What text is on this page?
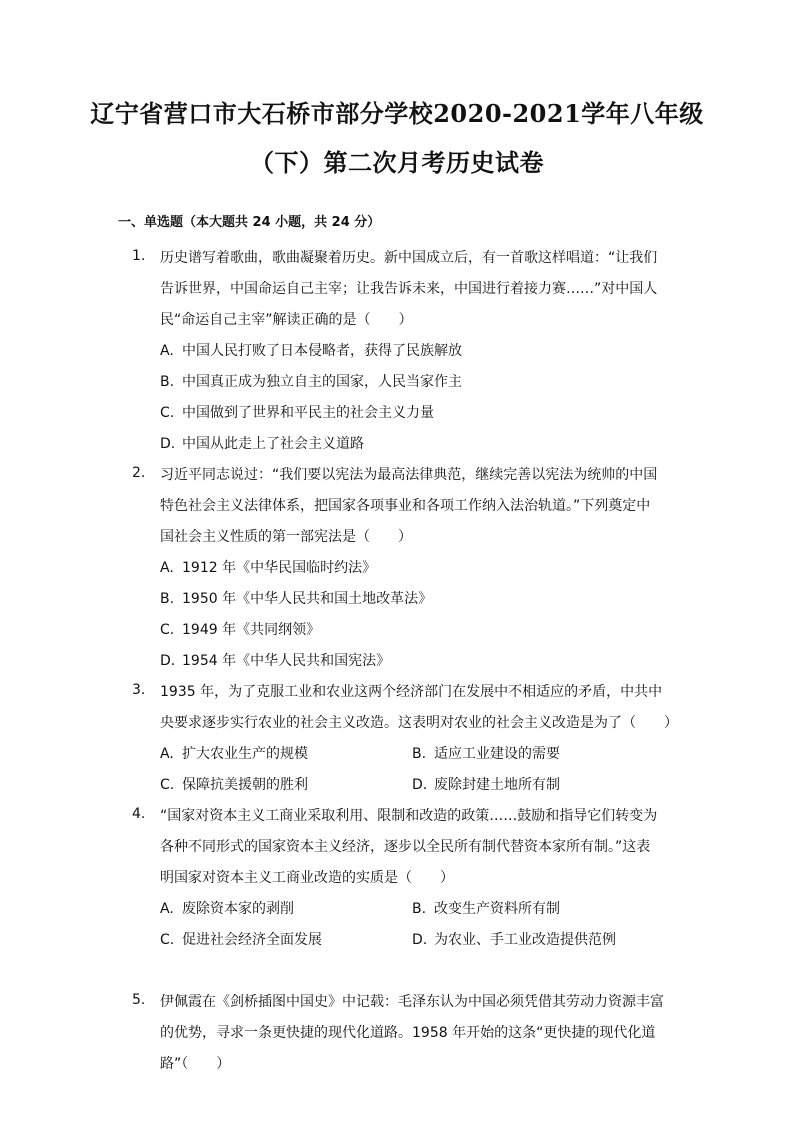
辽宁省营口市大石桥市部分学校2020-2021学年八年级
（下）第二次月考历史试卷
一、单选题（本大题共 24 小题，共 24 分）
1. 历史谱写着歌曲，歌曲凝聚着历史。新中国成立后，有一首歌这样唱道：“让我们
告诉世界，中国命运自己主宰；让我告诉未来，中国进行着接力赛……”对中国人
民“命运自己主宰”解读正确的是（　　）
A. 中国人民打败了日本侵略者，获得了民族解放
B. 中国真正成为独立自主的国家，人民当家作主
C. 中国做到了世界和平民主的社会主义力量
D. 中国从此走上了社会主义道路
2. 习近平同志说过：“我们要以宪法为最高法律典范，继续完善以宪法为统帅的中国
特色社会主义法律体系，把国家各项事业和各项工作纳入法治轨道。”下列奠定中
国社会主义性质的第一部宪法是（　　）
A. 1912 年《中华民国临时约法》
B. 1950 年《中华人民共和国土地改革法》
C. 1949 年《共同纲领》
D. 1954 年《中华人民共和国宪法》
3. 1935 年，为了克服工业和农业这两个经济部门在发展中不相适应的矛盾，中共中
央要求逐步实行农业的社会主义改造。这表明对农业的社会主义改造是为了（　　）
A. 扩大农业生产的规模	B. 适应工业建设的需要
C. 保障抗美援朝的胜利	D. 废除封建土地所有制
4. “国家对资本主义工商业采取利用、限制和改造的政策……鼓励和指导它们转变为
各种不同形式的国家资本主义经济，逐步以全民所有制代替资本家所有制。”这表
明国家对资本主义工商业改造的实质是（　　）
A. 废除资本家的剥削	B. 改变生产资料所有制
C. 促进社会经济全面发展	D. 为农业、手工业改造提供范例
5. 伊佩霞在《剑桥插图中国史》中记载：毛泽东认为中国必须凭借其劳动力资源丰富
的优势，寻求一条更快捷的现代化道路。1958 年开始的这条“更快捷的现代化道
路”（　　）
